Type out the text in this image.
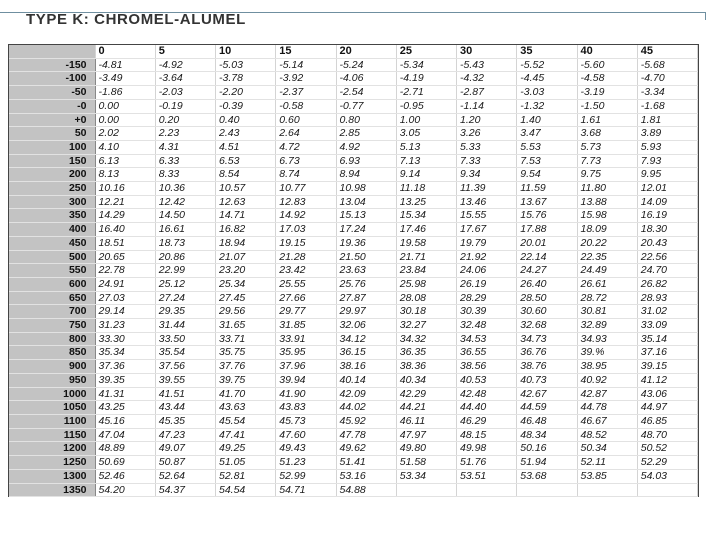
TYPE K: CHROMEL-ALUMEL
	0	5	10	15	20	25	30	35	40	45
-150	-4.81	-4.92	-5.03	-5.14	-5.24	-5.34	-5.43	-5.52	-5.60	-5.68
-100	-3.49	-3.64	-3.78	-3.92	-4.06	-4.19	-4.32	-4.45	-4.58	-4.70
-50	-1.86	-2.03	-2.20	-2.37	-2.54	-2.71	-2.87	-3.03	-3.19	-3.34
-0	0.00	-0.19	-0.39	-0.58	-0.77	-0.95	-1.14	-1.32	-1.50	-1.68
+0	0.00	0.20	0.40	0.60	0.80	1.00	1.20	1.40	1.61	1.81
50	2.02	2.23	2.43	2.64	2.85	3.05	3.26	3.47	3.68	3.89
100	4.10	4.31	4.51	4.72	4.92	5.13	5.33	5.53	5.73	5.93
150	6.13	6.33	6.53	6.73	6.93	7.13	7.33	7.53	7.73	7.93
200	8.13	8.33	8.54	8.74	8.94	9.14	9.34	9.54	9.75	9.95
250	10.16	10.36	10.57	10.77	10.98	11.18	11.39	11.59	11.80	12.01
300	12.21	12.42	12.63	12.83	13.04	13.25	13.46	13.67	13.88	14.09
350	14.29	14.50	14.71	14.92	15.13	15.34	15.55	15.76	15.98	16.19
400	16.40	16.61	16.82	17.03	17.24	17.46	17.67	17.88	18.09	18.30
450	18.51	18.73	18.94	19.15	19.36	19.58	19.79	20.01	20.22	20.43
500	20.65	20.86	21.07	21.28	21.50	21.71	21.92	22.14	22.35	22.56
550	22.78	22.99	23.20	23.42	23.63	23.84	24.06	24.27	24.49	24.70
600	24.91	25.12	25.34	25.55	25.76	25.98	26.19	26.40	26.61	26.82
650	27.03	27.24	27.45	27.66	27.87	28.08	28.29	28.50	28.72	28.93
700	29.14	29.35	29.56	29.77	29.97	30.18	30.39	30.60	30.81	31.02
750	31.23	31.44	31.65	31.85	32.06	32.27	32.48	32.68	32.89	33.09
800	33.30	33.50	33.71	33.91	34.12	34.32	34.53	34.73	34.93	35.14
850	35.34	35.54	35.75	35.95	36.15	36.35	36.55	36.76	39.%	37.16
900	37.36	37.56	37.76	37.96	38.16	38.36	38.56	38.76	38.95	39.15
950	39.35	39.55	39.75	39.94	40.14	40.34	40.53	40.73	40.92	41.12
1000	41.31	41.51	41.70	41.90	42.09	42.29	42.48	42.67	42.87	43.06
1050	43.25	43.44	43.63	43.83	44.02	44.21	44.40	44.59	44.78	44.97
1100	45.16	45.35	45.54	45.73	45.92	46.11	46.29	46.48	46.67	46.85
1150	47.04	47.23	47.41	47.60	47.78	47.97	48.15	48.34	48.52	48.70
1200	48.89	49.07	49.25	49.43	49.62	49.80	49.98	50.16	50.34	50.52
1250	50.69	50.87	51.05	51.23	51.41	51.58	51.76	51.94	52.11	52.29
1300	52.46	52.64	52.81	52.99	53.16	53.34	53.51	53.68	53.85	54.03
1350	54.20	54.37	54.54	54.71	54.88					
